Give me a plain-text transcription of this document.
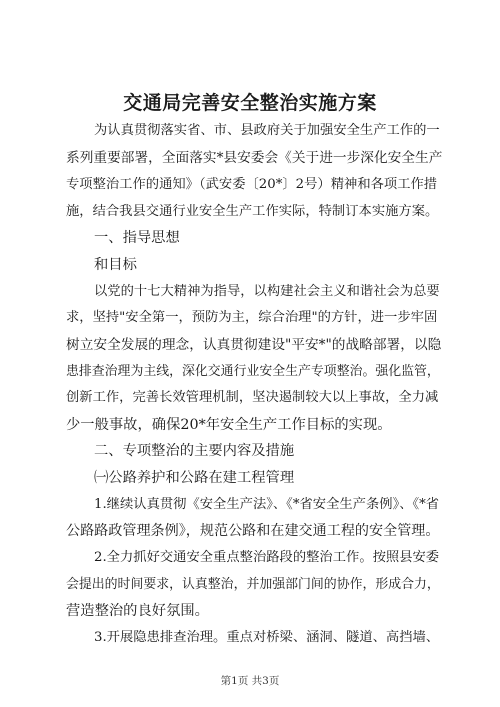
交通局完善安全整治实施方案
为认真贯彻落实省、市、县政府关于加强安全生产工作的一
系列重要部署，全面落实*县安委会《关于进一步深化安全生产
专项整治工作的通知》（武安委〔20*〕2号）精神和各项工作措
施，结合我县交通行业安全生产工作实际，特制订本实施方案。
一、指导思想
和目标
以党的十七大精神为指导，以构建社会主义和谐社会为总要
求，坚持"安全第一，预防为主，综合治理"的方针，进一步牢固
树立安全发展的理念，认真贯彻建设"平安*"的战略部署，以隐
患排查治理为主线，深化交通行业安全生产专项整治。强化监管，
创新工作，完善长效管理机制，坚决遏制较大以上事故，全力减
少一般事故，确保20*年安全生产工作目标的实现。
二、专项整治的主要内容及措施
㈠公路养护和公路在建工程管理
1.继续认真贯彻《安全生产法》、《*省安全生产条例》、《*省
公路路政管理条例》，规范公路和在建交通工程的安全管理。
2.全力抓好交通安全重点整治路段的整治工作。按照县安委
会提出的时间要求，认真整治，并加强部门间的协作，形成合力，
营造整治的良好氛围。
3.开展隐患排查治理。重点对桥梁、涵洞、隧道、高挡墙、
第1页 共3页
